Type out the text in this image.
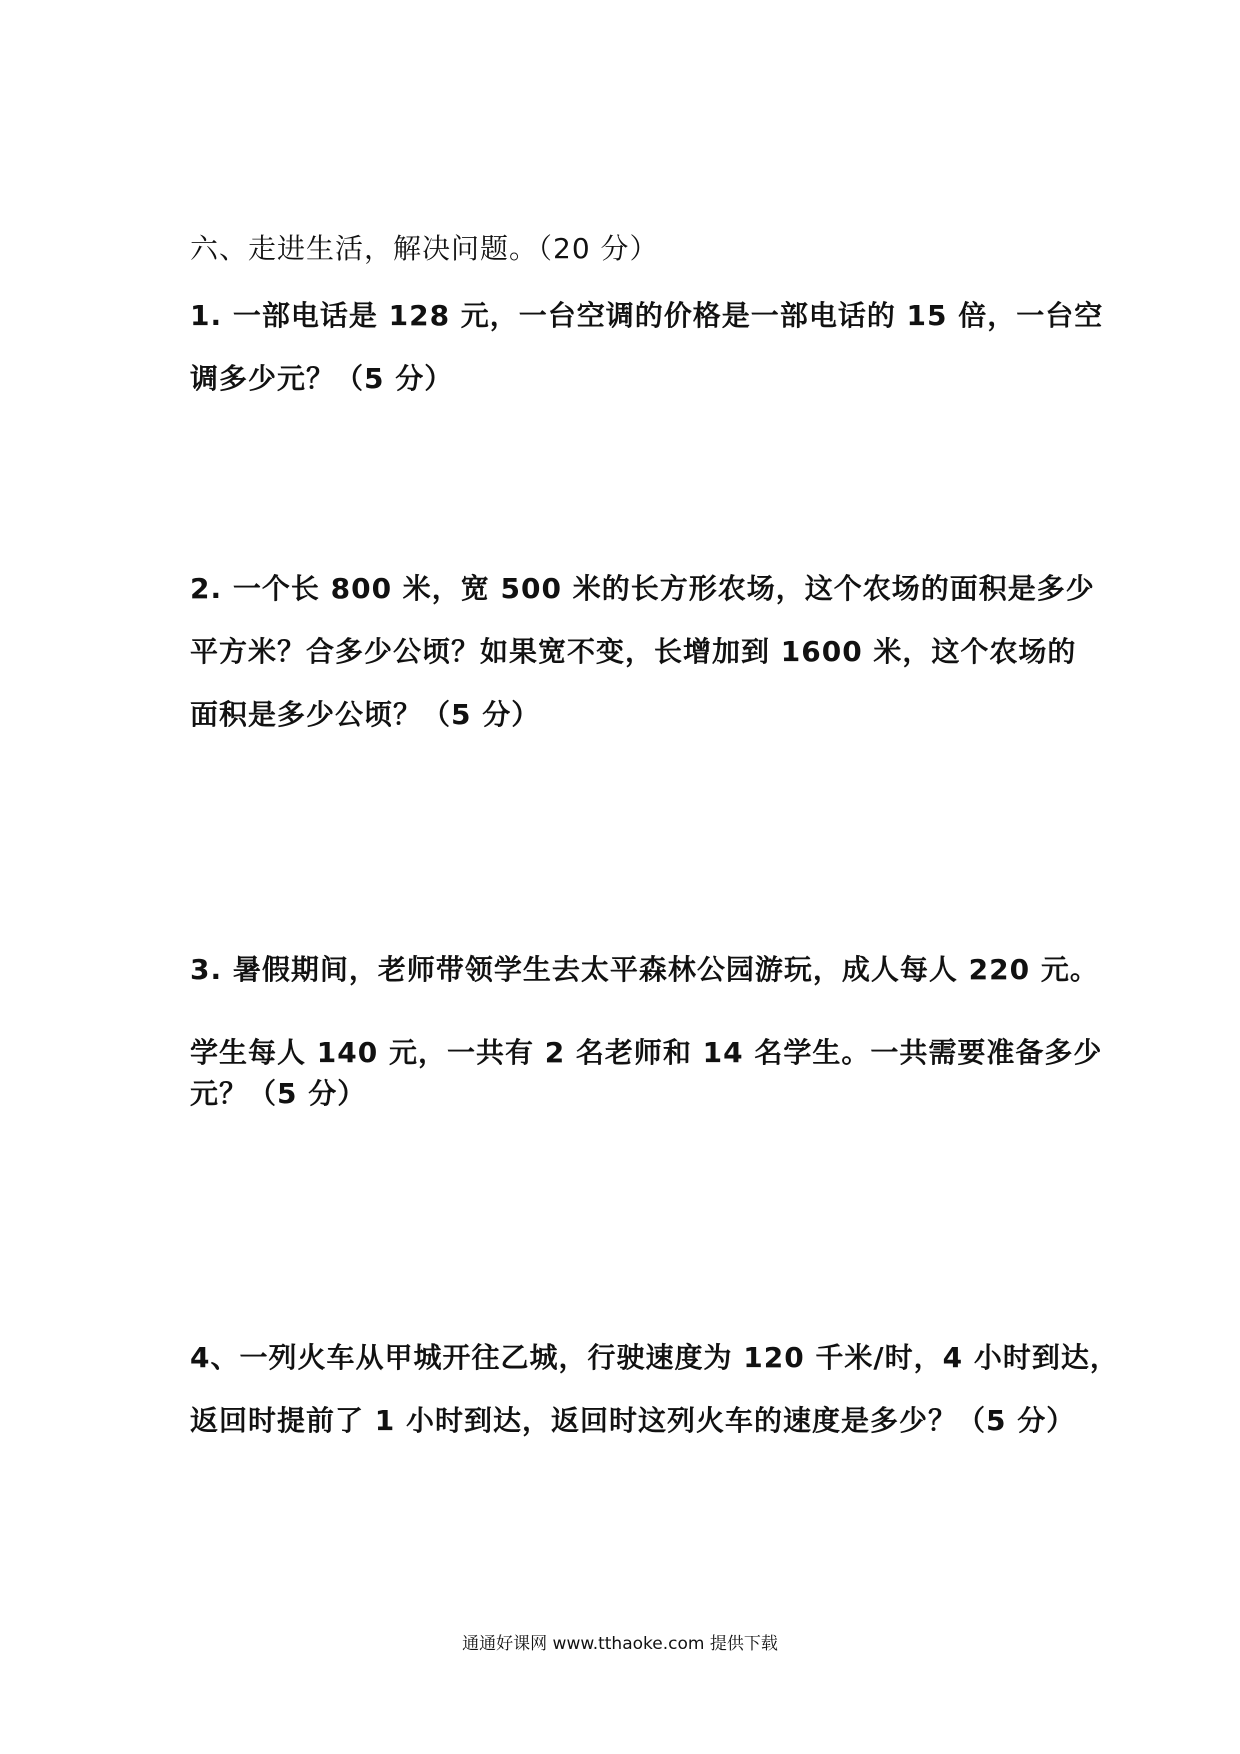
六、走进生活，解决问题。（20 分）
1. 一部电话是 128 元，一台空调的价格是一部电话的 15 倍，一台空
调多少元？（5 分）
2. 一个长 800 米，宽 500 米的长方形农场，这个农场的面积是多少
平方米？合多少公顷？如果宽不变，长增加到 1600 米，这个农场的
面积是多少公顷？（5 分）
3. 暑假期间，老师带领学生去太平森林公园游玩，成人每人 220 元。
学生每人 140 元，一共有 2 名老师和 14 名学生。一共需要准备多少
元？（5 分）
4、一列火车从甲城开往乙城，行驶速度为 120 千米/时，4 小时到达，
返回时提前了 1 小时到达，返回时这列火车的速度是多少？（5 分）
通通好课网 www.tthaoke.com 提供下载
